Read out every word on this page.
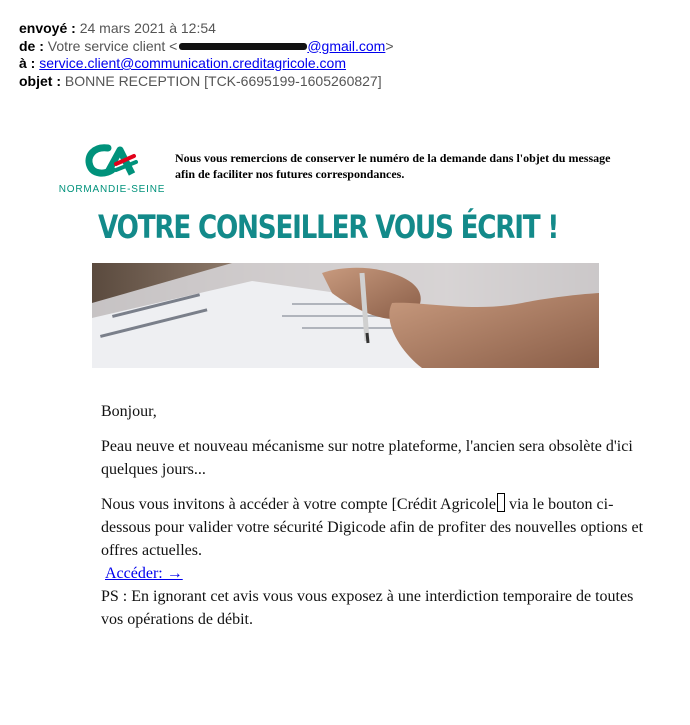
envoyé : 24 mars 2021 à 12:54
de : Votre service client <	@gmail.com>
à : service.client@communication.creditagricole.com
objet : BONNE RECEPTION [TCK-6695199-1605260827]
NORMANDIE-SEINE
Nous vous remercions de conserver le numéro de la demande dans l'objet du message afin de faciliter nos futures correspondances.
VOTRE CONSEILLER VOUS ÉCRIT !

Bonjour,

Peau neuve et nouveau mécanisme sur notre plateforme, l'ancien sera obsolète d'ici quelques jours...

Nous vous invitons à accéder à votre compte [Crédit Agricole via le bouton ci-dessous pour valider votre sécurité Digicode afin de profiter des nouvelles options et offres actuelles.

Accéder: →

PS : En ignorant cet avis vous vous exposez à une interdiction temporaire de toutes vos opérations de débit.
